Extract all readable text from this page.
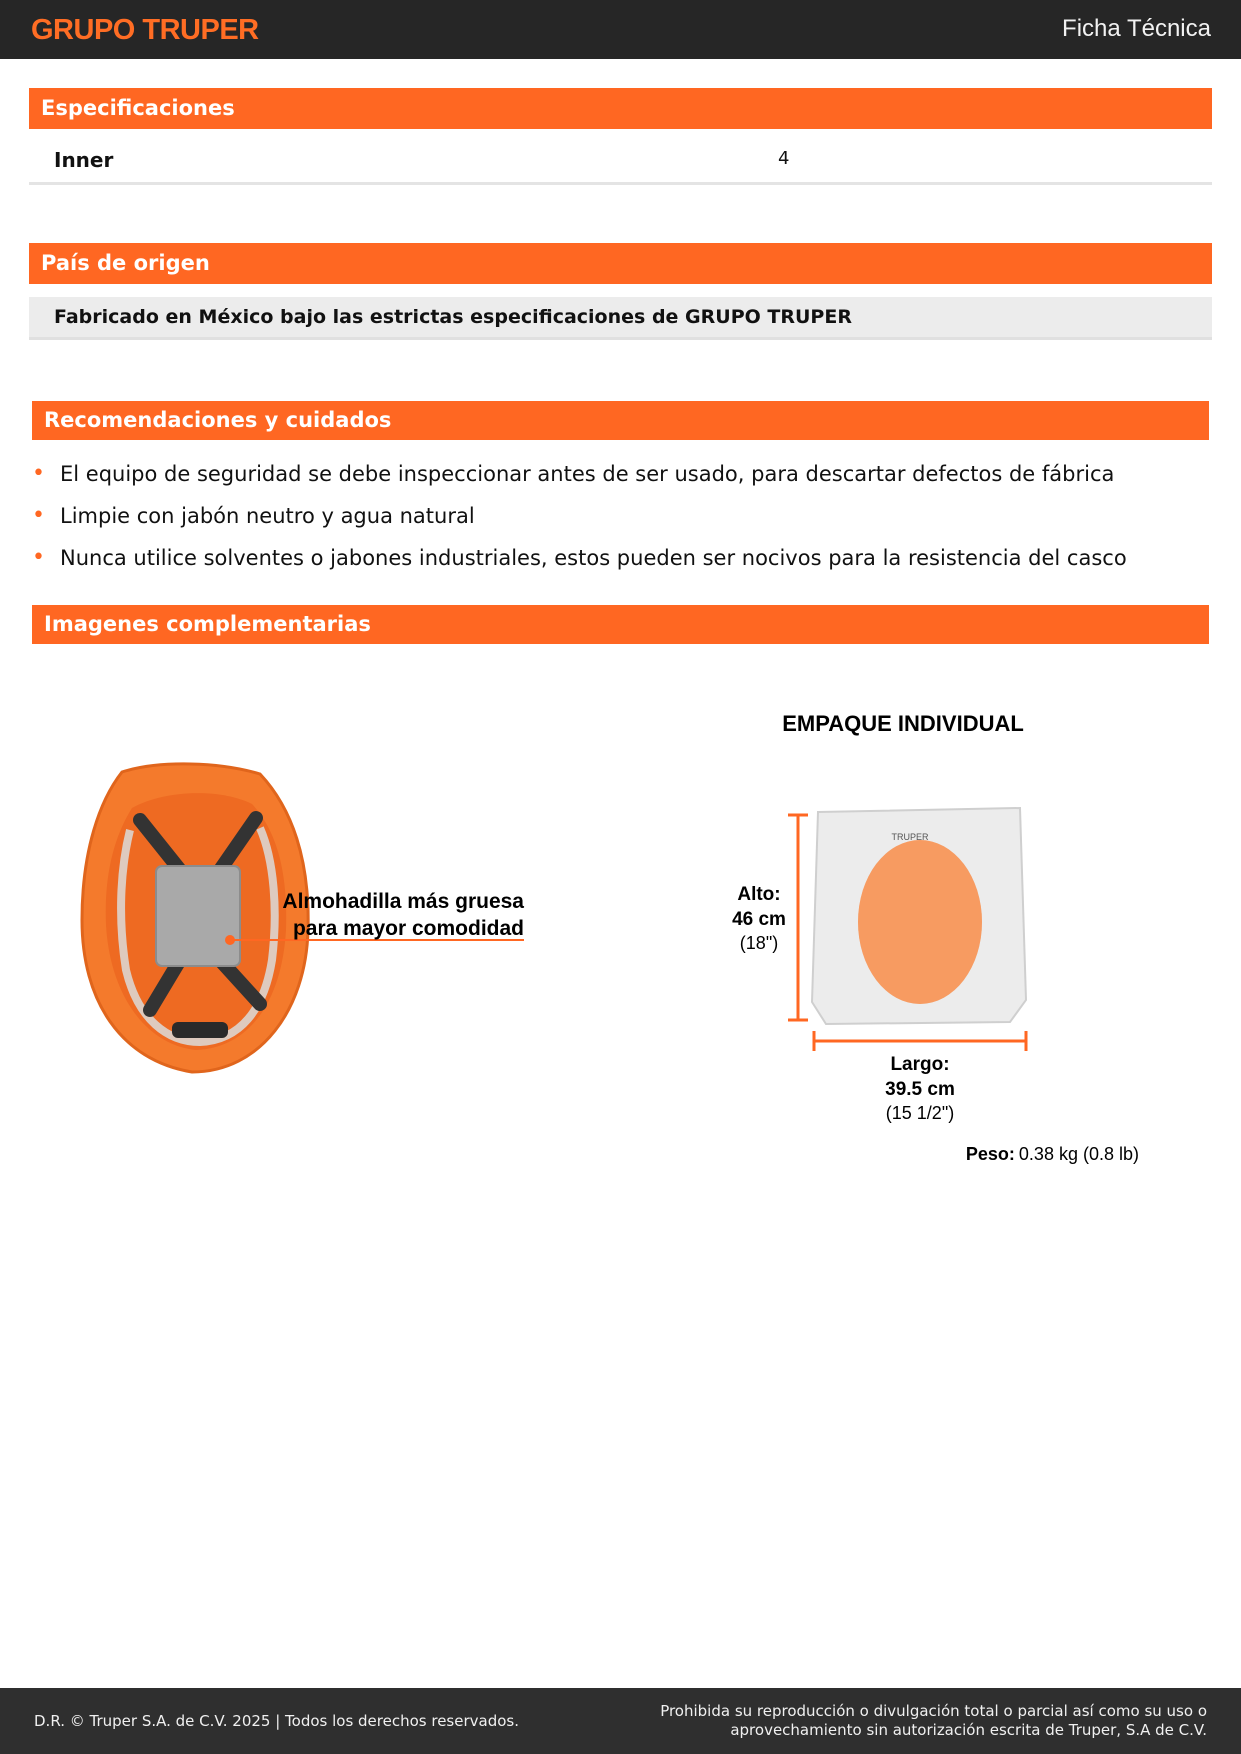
GRUPO TRUPER	Ficha Técnica
Especificaciones
Inner	4
País de origen
Fabricado en México bajo las estrictas especificaciones de GRUPO TRUPER
Recomendaciones y cuidados
• El equipo de seguridad se debe inspeccionar antes de ser usado, para descartar defectos de fábrica
• Limpie con jabón neutro y agua natural
• Nunca utilice solventes o jabones industriales, estos pueden ser nocivos para la resistencia del casco
Imagenes complementarias
Almohadilla más gruesa
para mayor comodidad
EMPAQUE INDIVIDUAL
TRUPER
Alto:
46 cm
(18")
Largo:
39.5 cm
(15 1/2")
Peso: 0.38 kg (0.8 lb)
D.R. © Truper S.A. de C.V. 2025 | Todos los derechos reservados.
Prohibida su reproducción o divulgación total o parcial así como su uso o
aprovechamiento sin autorización escrita de Truper, S.A de C.V.
